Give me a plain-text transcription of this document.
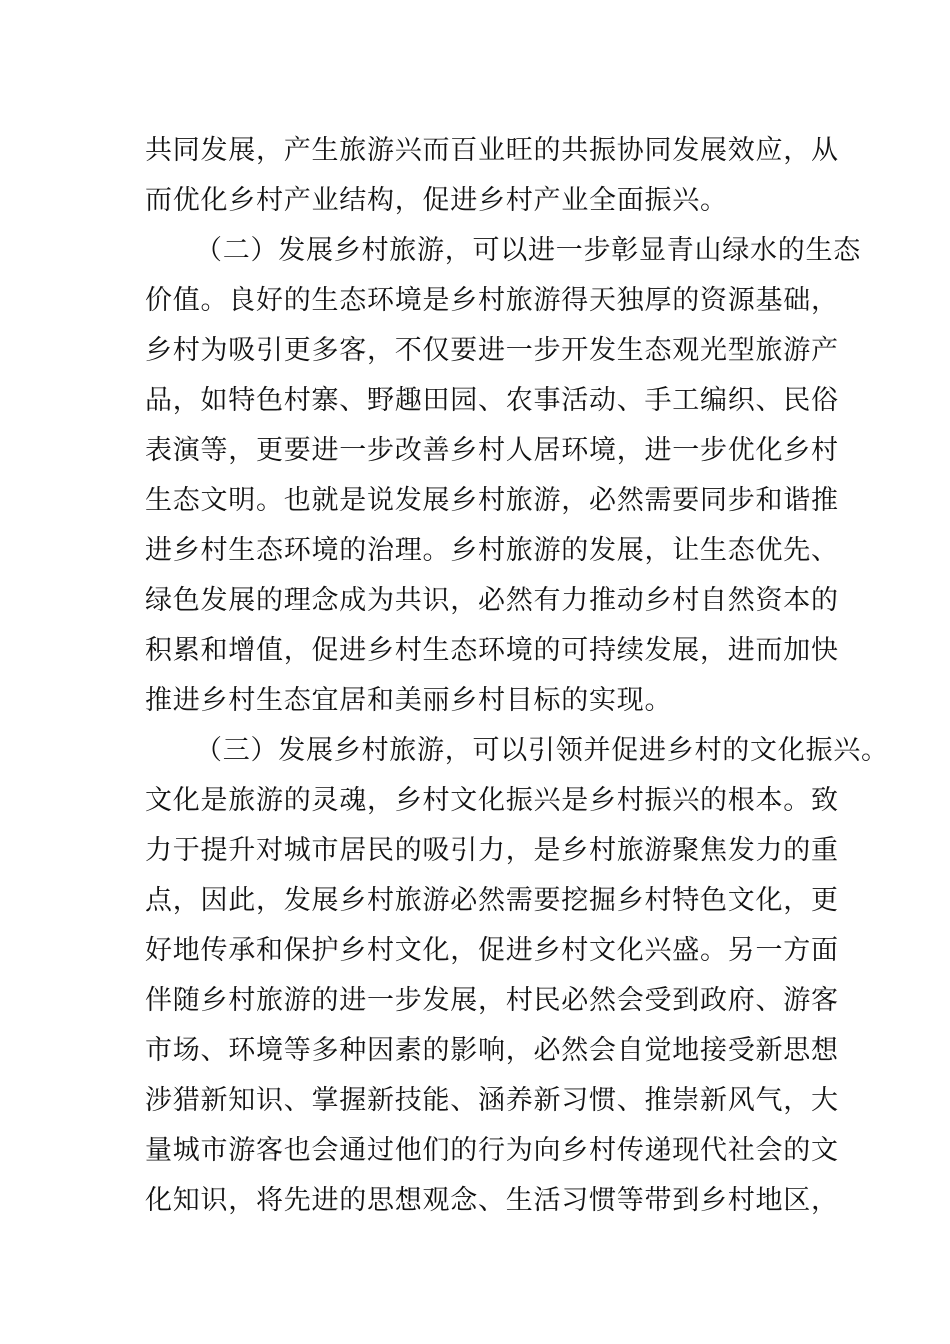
共同发展，产生旅游兴而百业旺的共振协同发展效应，从

而优化乡村产业结构，促进乡村产业全面振兴。

（二）发展乡村旅游，可以进一步彰显青山绿水的生态

价值。良好的生态环境是乡村旅游得天独厚的资源基础，

乡村为吸引更多客，不仅要进一步开发生态观光型旅游产

品，如特色村寨、野趣田园、农事活动、手工编织、民俗

表演等，更要进一步改善乡村人居环境，进一步优化乡村

生态文明。也就是说发展乡村旅游，必然需要同步和谐推

进乡村生态环境的治理。乡村旅游的发展，让生态优先、

绿色发展的理念成为共识，必然有力推动乡村自然资本的

积累和增值，促进乡村生态环境的可持续发展，进而加快

推进乡村生态宜居和美丽乡村目标的实现。

（三）发展乡村旅游，可以引领并促进乡村的文化振兴。

文化是旅游的灵魂，乡村文化振兴是乡村振兴的根本。致

力于提升对城市居民的吸引力，是乡村旅游聚焦发力的重

点，因此，发展乡村旅游必然需要挖掘乡村特色文化，更

好地传承和保护乡村文化，促进乡村文化兴盛。另一方面

伴随乡村旅游的进一步发展，村民必然会受到政府、游客

市场、环境等多种因素的影响，必然会自觉地接受新思想

涉猎新知识、掌握新技能、涵养新习惯、推崇新风气，大

量城市游客也会通过他们的行为向乡村传递现代社会的文

化知识，将先进的思想观念、生活习惯等带到乡村地区，
